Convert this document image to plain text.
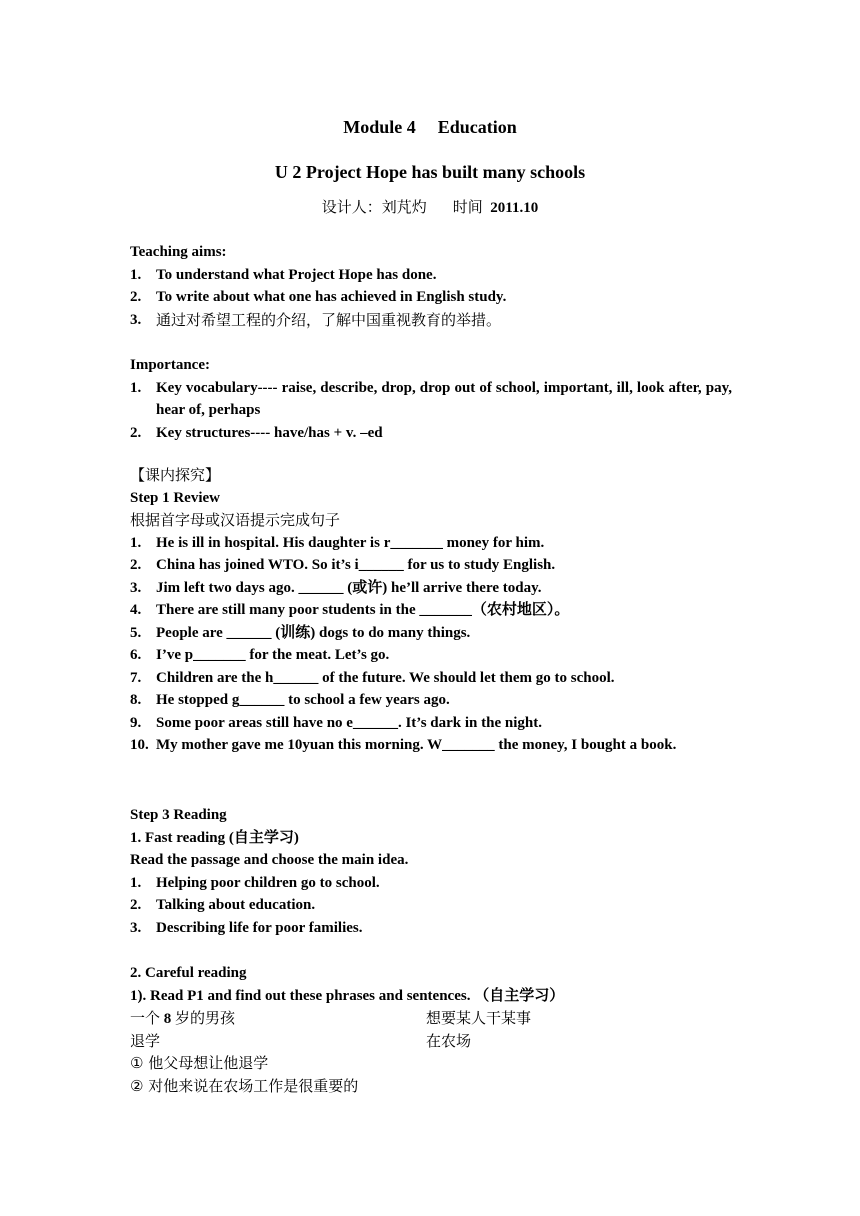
Module 4 Education
U 2 Project Hope has built many schools
设计人：刘芃灼 时间 2011.10
Teaching aims:
1. To understand what Project Hope has done.
2. To write about what one has achieved in English study.
3. 通过对希望工程的介绍，了解中国重视教育的举措。
Importance:
1. Key vocabulary---- raise, describe, drop, drop out of school, important, ill, look after, pay, hear of, perhaps
2. Key structures---- have/has + v. –ed
【课内探究】
Step 1 Review
根据首字母或汉语提示完成句子
1. He is ill in hospital. His daughter is r_______ money for him.
2. China has joined WTO. So it’s i______ for us to study English.
3. Jim left two days ago. ______ (或许) he’ll arrive there today.
4. There are still many poor students in the _______（农村地区）。
5. People are ______ (训练) dogs to do many things.
6. I’ve p_______ for the meat. Let’s go.
7. Children are the h______ of the future. We should let them go to school.
8. He stopped g______ to school a few years ago.
9. Some poor areas still have no e______. It’s dark in the night.
10. My mother gave me 10yuan this morning. W_______ the money, I bought a book.
Step 3 Reading
1. Fast reading (自主学习)
Read the passage and choose the main idea.
1. Helping poor children go to school.
2. Talking about education.
3. Describing life for poor families.
2. Careful reading
1). Read P1 and find out these phrases and sentences. （自主学习）
一个 8 岁的男孩	想要某人干某事
退学	在农场
① 他父母想让他退学
② 对他来说在农场工作是很重要的
